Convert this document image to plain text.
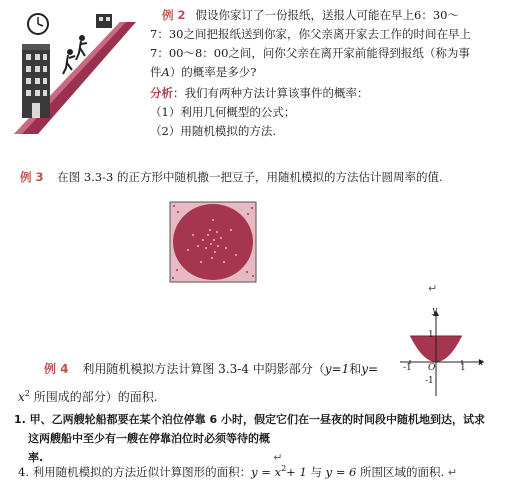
例 2 假设你家订了一份报纸，送报人可能在早上6：30～
7：30之间把报纸送到你家，你父亲离开家去工作的时间在早上
7：00～8：00之间，问你父亲在离开家前能得到报纸（称为事
件A）的概率是多少?
分析：我们有两种方法计算该事件的概率：
（1）利用几何概型的公式；
（2）用随机模拟的方法.
例 3 在图 3.3-3 的正方形中随机撒一把豆子，用随机模拟的方法估计圆周率的值.
↵
y
x
1
-1	1
O
-1
例 4 利用随机模拟方法计算图 3.3-4 中阴影部分（y=1和y=
$x^2$ 所围成的部分）的面积.
1. 甲、乙两艘轮船都要在某个泊位停靠 6 小时，假定它们在一昼夜的时间段中随机地到达，试求
这两艘船中至少有一艘在停靠泊位时必须等待的概率.	↵
4. 利用随机模拟的方法近似计算图形的面积：$y = x^2+ 1$ 与 y = 6 所围区域的面积. ↵
